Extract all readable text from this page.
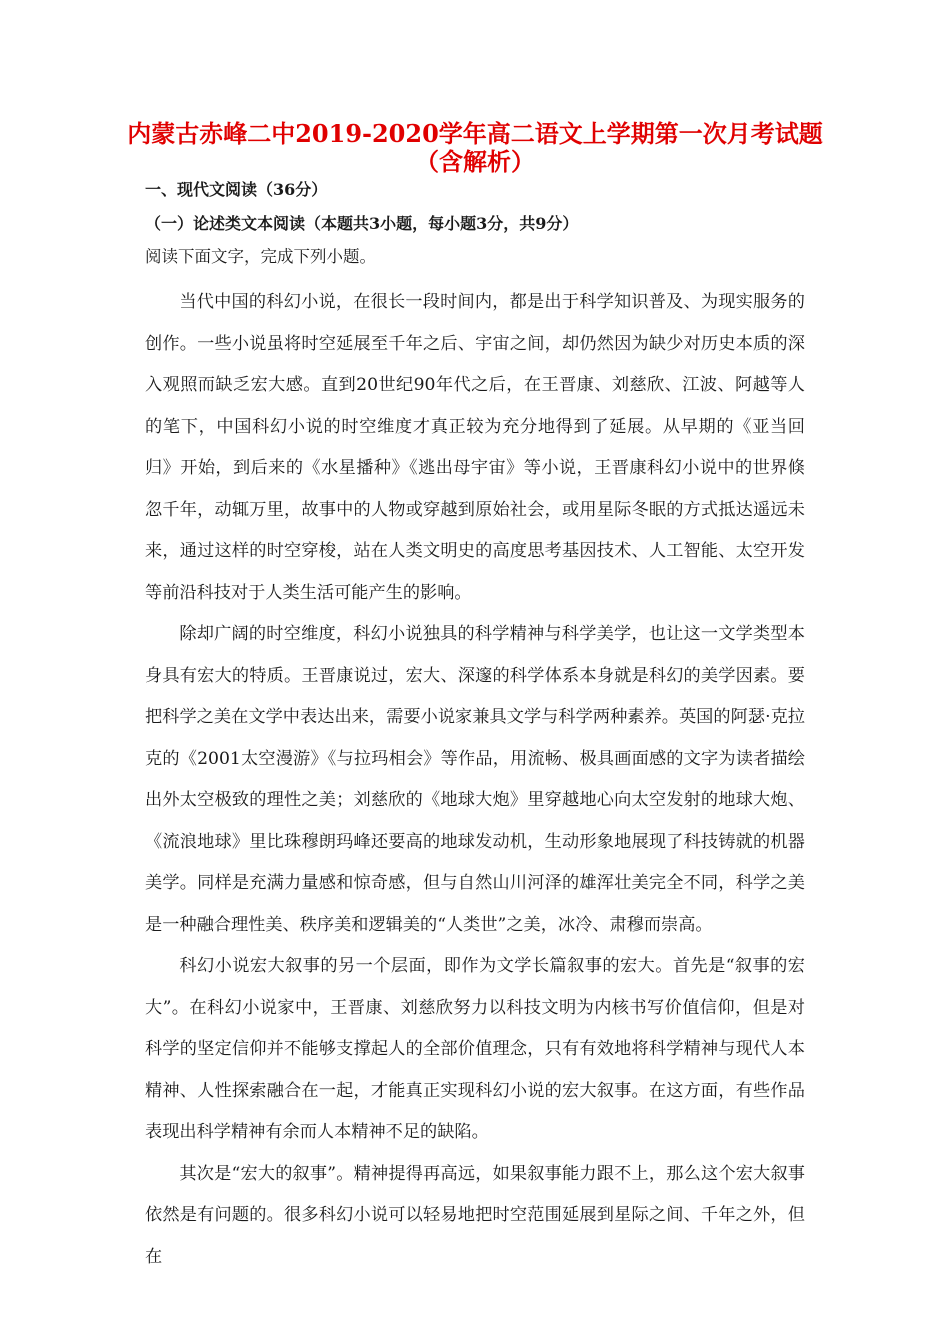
内蒙古赤峰二中2019-2020学年高二语文上学期第一次月考试题
（含解析）
一、现代文阅读（36分）
（一）论述类文本阅读（本题共3小题，每小题3分，共9分）
阅读下面文字，完成下列小题。

当代中国的科幻小说，在很长一段时间内，都是出于科学知识普及、为现实服务的创作。一些小说虽将时空延展至千年之后、宇宙之间，却仍然因为缺少对历史本质的深入观照而缺乏宏大感。直到20世纪90年代之后，在王晋康、刘慈欣、江波、阿越等人的笔下，中国科幻小说的时空维度才真正较为充分地得到了延展。从早期的《亚当回归》开始，到后来的《水星播种》《逃出母宇宙》等小说，王晋康科幻小说中的世界倏忽千年，动辄万里，故事中的人物或穿越到原始社会，或用星际冬眠的方式抵达遥远未来，通过这样的时空穿梭，站在人类文明史的高度思考基因技术、人工智能、太空开发等前沿科技对于人类生活可能产生的影响。

除却广阔的时空维度，科幻小说独具的科学精神与科学美学，也让这一文学类型本身具有宏大的特质。王晋康说过，宏大、深邃的科学体系本身就是科幻的美学因素。要把科学之美在文学中表达出来，需要小说家兼具文学与科学两种素养。英国的阿瑟·克拉克的《2001太空漫游》《与拉玛相会》等作品，用流畅、极具画面感的文字为读者描绘出外太空极致的理性之美；刘慈欣的《地球大炮》里穿越地心向太空发射的地球大炮、《流浪地球》里比珠穆朗玛峰还要高的地球发动机，生动形象地展现了科技铸就的机器美学。同样是充满力量感和惊奇感，但与自然山川河泽的雄浑壮美完全不同，科学之美是一种融合理性美、秩序美和逻辑美的“人类世”之美，冰冷、肃穆而崇高。

科幻小说宏大叙事的另一个层面，即作为文学长篇叙事的宏大。首先是“叙事的宏大”。在科幻小说家中，王晋康、刘慈欣努力以科技文明为内核书写价值信仰，但是对科学的坚定信仰并不能够支撑起人的全部价值理念，只有有效地将科学精神与现代人本精神、人性探索融合在一起，才能真正实现科幻小说的宏大叙事。在这方面，有些作品表现出科学精神有余而人本精神不足的缺陷。

其次是“宏大的叙事”。精神提得再高远，如果叙事能力跟不上，那么这个宏大叙事依然是有问题的。很多科幻小说可以轻易地把时空范围延展到星际之间、千年之外，但在
